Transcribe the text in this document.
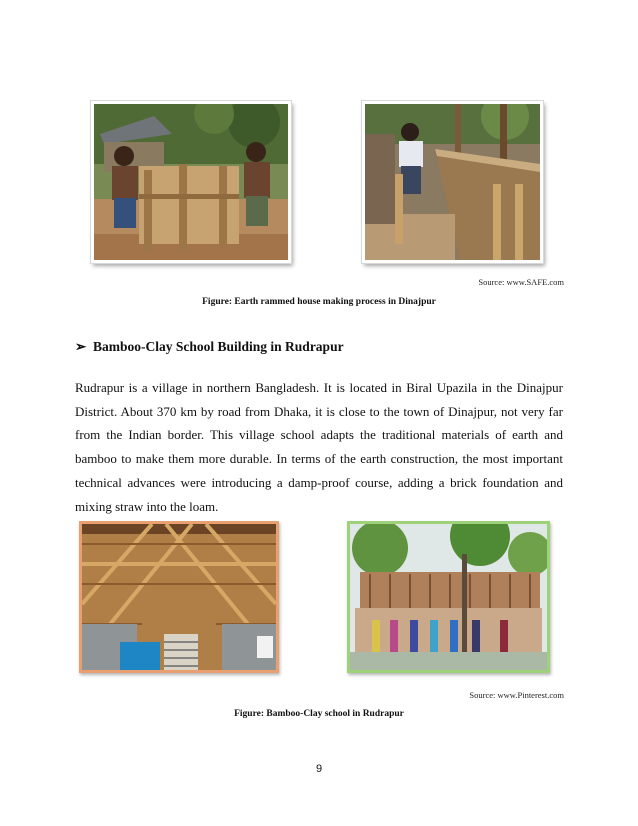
Source: www.SAFE.com
Figure: Earth rammed house making process in Dinajpur
➢ Bamboo-Clay School Building in Rudrapur
Rudrapur is a village in northern Bangladesh. It is located in Biral Upazila in the Dinajpur District. About 370 km by road from Dhaka, it is close to the town of Dinajpur, not very far from the Indian border. This village school adapts the traditional materials of earth and bamboo to make them more durable. In terms of the earth construction, the most important technical advances were introducing a damp-proof course, adding a brick foundation and mixing straw into the loam.
Source: www.Pinterest.com
Figure: Bamboo-Clay school in Rudrapur
9
